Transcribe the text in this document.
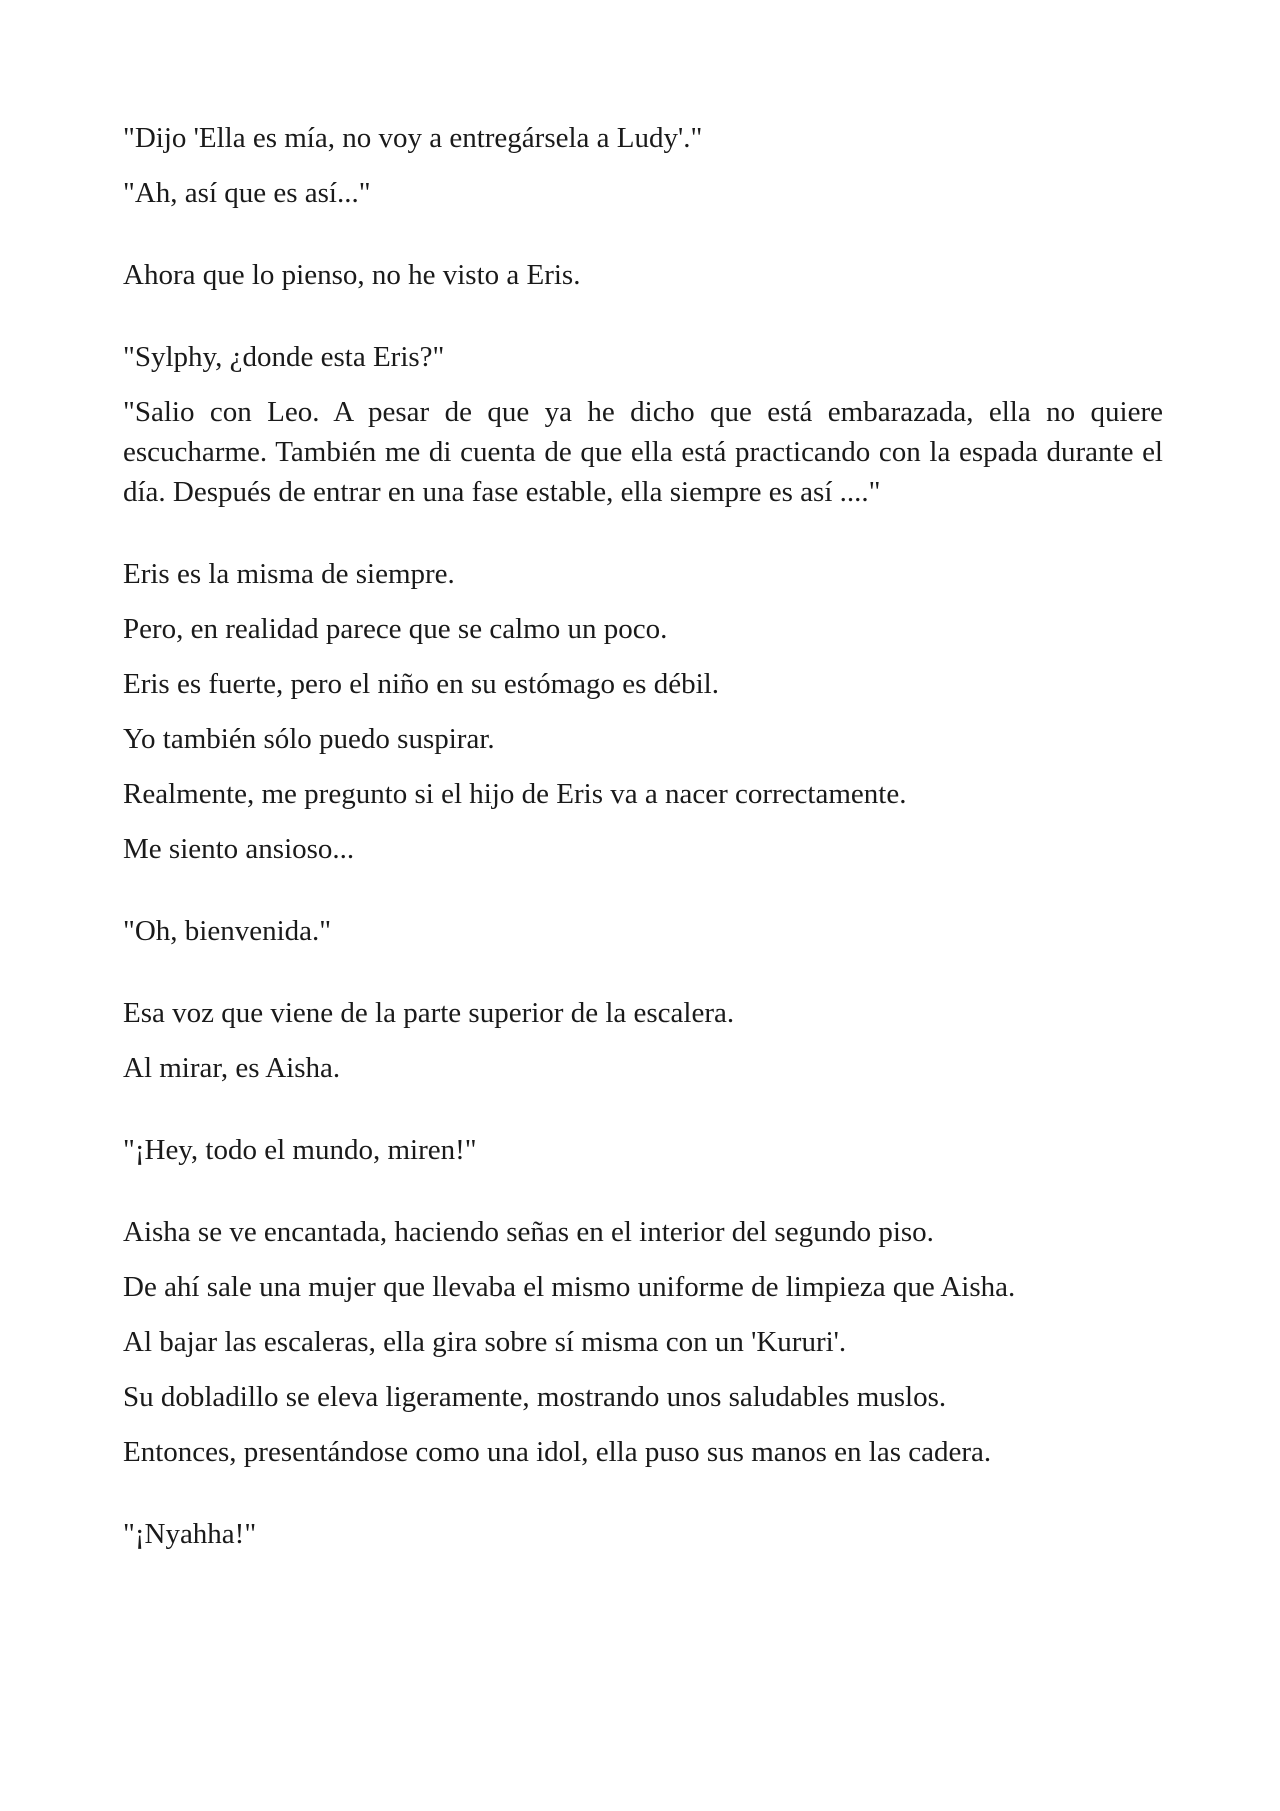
"Dijo 'Ella es mía, no voy a entregársela a Ludy'."

"Ah, así que es así..."

Ahora que lo pienso, no he visto a Eris.

"Sylphy, ¿donde esta Eris?"

"Salio con Leo. A pesar de que ya he dicho que está embarazada, ella no quiere escucharme. También me di cuenta de que ella está practicando con la espada durante el día. Después de entrar en una fase estable, ella siempre es así ...."

Eris es la misma de siempre.

Pero, en realidad parece que se calmo un poco.

Eris es fuerte, pero el niño en su estómago es débil.

Yo también sólo puedo suspirar.

Realmente, me pregunto si el hijo de Eris va a nacer correctamente.

Me siento ansioso...

"Oh, bienvenida."

Esa voz que viene de la parte superior de la escalera.

Al mirar, es Aisha.

"¡Hey, todo el mundo, miren!"

Aisha se ve encantada, haciendo señas en el interior del segundo piso.

De ahí sale una mujer que llevaba el mismo uniforme de limpieza que Aisha.

Al bajar las escaleras, ella gira sobre sí misma con un 'Kururi'.

Su dobladillo se eleva ligeramente, mostrando unos saludables muslos.

Entonces, presentándose como una idol, ella puso sus manos en las cadera.

"¡Nyahha!"
